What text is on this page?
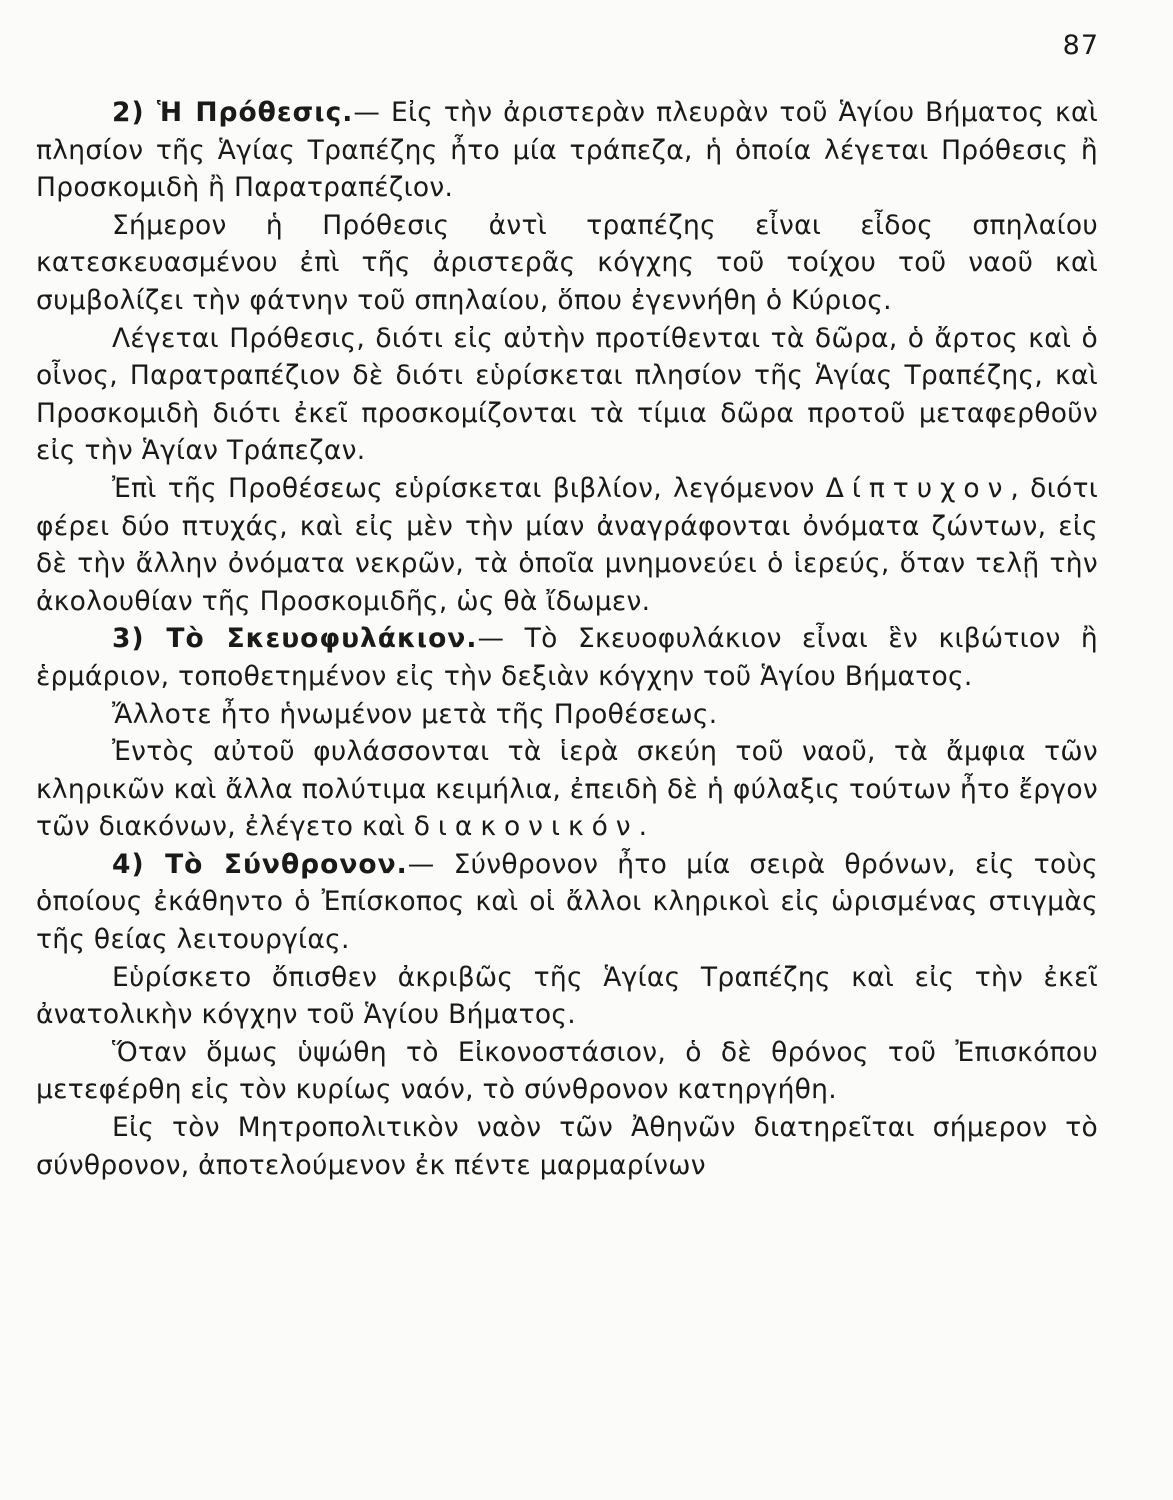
87

2) Ἡ Πρόθεσις.— Εἰς τὴν ἀριστερὰν πλευρὰν τοῦ Ἁγίου Βήματος καὶ πλησίον τῆς Ἁγίας Τραπέζης ἦτο μία τράπεζα, ἡ ὁποία λέγεται Πρόθεσις ἢ Προσκομιδὴ ἢ Παρατραπέζιον.

Σήμερον ἡ Πρόθεσις ἀντὶ τραπέζης εἶναι εἶδος σπηλαίου κατεσκευασμένου ἐπὶ τῆς ἀριστερᾶς κόγχης τοῦ τοίχου τοῦ ναοῦ καὶ συμβολίζει τὴν φάτνην τοῦ σπηλαίου, ὅπου ἐγεννήθη ὁ Κύριος.

Λέγεται Πρόθεσις, διότι εἰς αὐτὴν προτίθενται τὰ δῶρα, ὁ ἄρτος καὶ ὁ οἶνος, Παρατραπέζιον δὲ διότι εὑρίσκεται πλησίον τῆς Ἁγίας Τραπέζης, καὶ Προσκομιδὴ διότι ἐκεῖ προσκομίζονται τὰ τίμια δῶρα προτοῦ μεταφερθοῦν εἰς τὴν Ἁγίαν Τράπεζαν.

Ἐπὶ τῆς Προθέσεως εὑρίσκεται βιβλίον, λεγόμενον Δίπτυχον, διότι φέρει δύο πτυχάς, καὶ εἰς μὲν τὴν μίαν ἀναγράφονται ὀνόματα ζώντων, εἰς δὲ τὴν ἄλλην ὀνόματα νεκρῶν, τὰ ὁποῖα μνημονεύει ὁ ἱερεύς, ὅταν τελῇ τὴν ἀκολουθίαν τῆς Προσκομιδῆς, ὡς θὰ ἴδωμεν.

3) Τὸ Σκευοφυλάκιον.— Τὸ Σκευοφυλάκιον εἶναι ἓν κιβώτιον ἢ ἑρμάριον, τοποθετημένον εἰς τὴν δεξιὰν κόγχην τοῦ Ἁγίου Βήματος.

Ἄλλοτε ἦτο ἡνωμένον μετὰ τῆς Προθέσεως.

Ἐντὸς αὐτοῦ φυλάσσονται τὰ ἱερὰ σκεύη τοῦ ναοῦ, τὰ ἄμφια τῶν κληρικῶν καὶ ἄλλα πολύτιμα κειμήλια, ἐπειδὴ δὲ ἡ φύλαξις τούτων ἦτο ἔργον τῶν διακόνων, ἐλέγετο καὶ διακονικόν.

4) Τὸ Σύνθρονον.— Σύνθρονον ἦτο μία σειρὰ θρόνων, εἰς τοὺς ὁποίους ἐκάθηντο ὁ Ἐπίσκοπος καὶ οἱ ἄλλοι κληρικοὶ εἰς ὡρισμένας στιγμὰς τῆς θείας λειτουργίας.

Εὑρίσκετο ὄπισθεν ἀκριβῶς τῆς Ἁγίας Τραπέζης καὶ εἰς τὴν ἐκεῖ ἀνατολικὴν κόγχην τοῦ Ἁγίου Βήματος.

Ὅταν ὅμως ὑψώθη τὸ Εἰκονοστάσιον, ὁ δὲ θρόνος τοῦ Ἐπισκόπου μετεφέρθη εἰς τὸν κυρίως ναόν, τὸ σύνθρονον κατηργήθη.

Εἰς τὸν Μητροπολιτικὸν ναὸν τῶν Ἀθηνῶν διατηρεῖται σήμερον τὸ σύνθρονον, ἀποτελούμενον ἐκ πέντε μαρμαρίνων
